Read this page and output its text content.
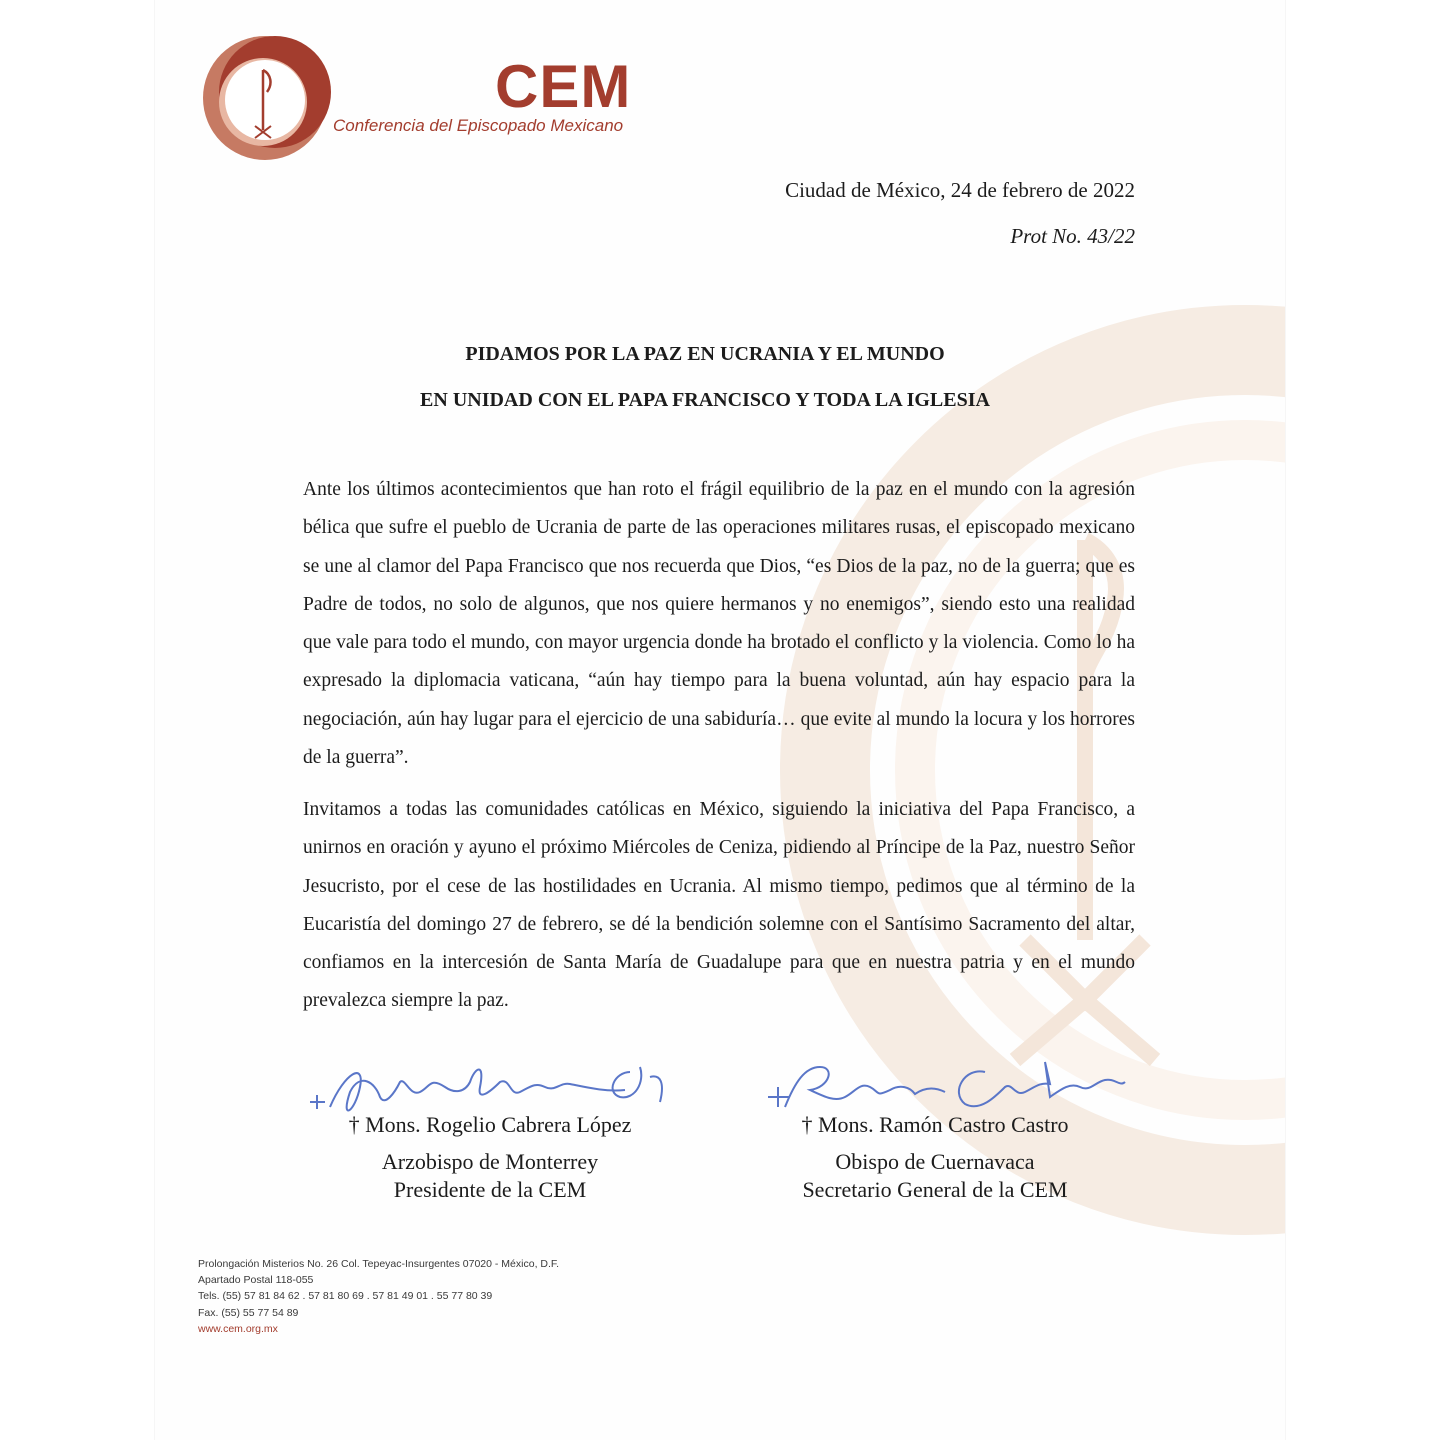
CEM
Conferencia del Episcopado Mexicano
Ciudad de México, 24 de febrero de 2022
Prot No. 43/22
PIDAMOS POR LA PAZ EN UCRANIA Y EL MUNDO
EN UNIDAD CON EL PAPA FRANCISCO Y TODA LA IGLESIA
Ante los últimos acontecimientos que han roto el frágil equilibrio de la paz en el mundo con la agresión bélica que sufre el pueblo de Ucrania de parte de las operaciones militares rusas, el episcopado mexicano se une al clamor del Papa Francisco que nos recuerda que Dios, “es Dios de la paz, no de la guerra; que es Padre de todos, no solo de algunos, que nos quiere hermanos y no enemigos”, siendo esto una realidad que vale para todo el mundo, con mayor urgencia donde ha brotado el conflicto y la violencia. Como lo ha expresado la diplomacia vaticana, “aún hay tiempo para la buena voluntad, aún hay espacio para la negociación, aún hay lugar para el ejercicio de una sabiduría… que evite al mundo la locura y los horrores de la guerra”.
Invitamos a todas las comunidades católicas en México, siguiendo la iniciativa del Papa Francisco, a unirnos en oración y ayuno el próximo Miércoles de Ceniza, pidiendo al Príncipe de la Paz, nuestro Señor Jesucristo, por el cese de las hostilidades en Ucrania. Al mismo tiempo, pedimos que al término de la Eucaristía del domingo 27 de febrero, se dé la bendición solemne con el Santísimo Sacramento del altar, confiamos en la intercesión de Santa María de Guadalupe para que en nuestra patria y en el mundo prevalezca siempre la paz.
† Mons. Rogelio Cabrera López
Arzobispo de Monterrey
Presidente de la CEM
† Mons. Ramón Castro Castro
Obispo de Cuernavaca
Secretario General de la CEM
Prolongación Misterios No. 26 Col. Tepeyac-Insurgentes 07020 - México, D.F.
Apartado Postal 118-055
Tels. (55) 57 81 84 62 . 57 81 80 69 . 57 81 49 01 . 55 77 80 39
Fax. (55) 55 77 54 89
www.cem.org.mx
